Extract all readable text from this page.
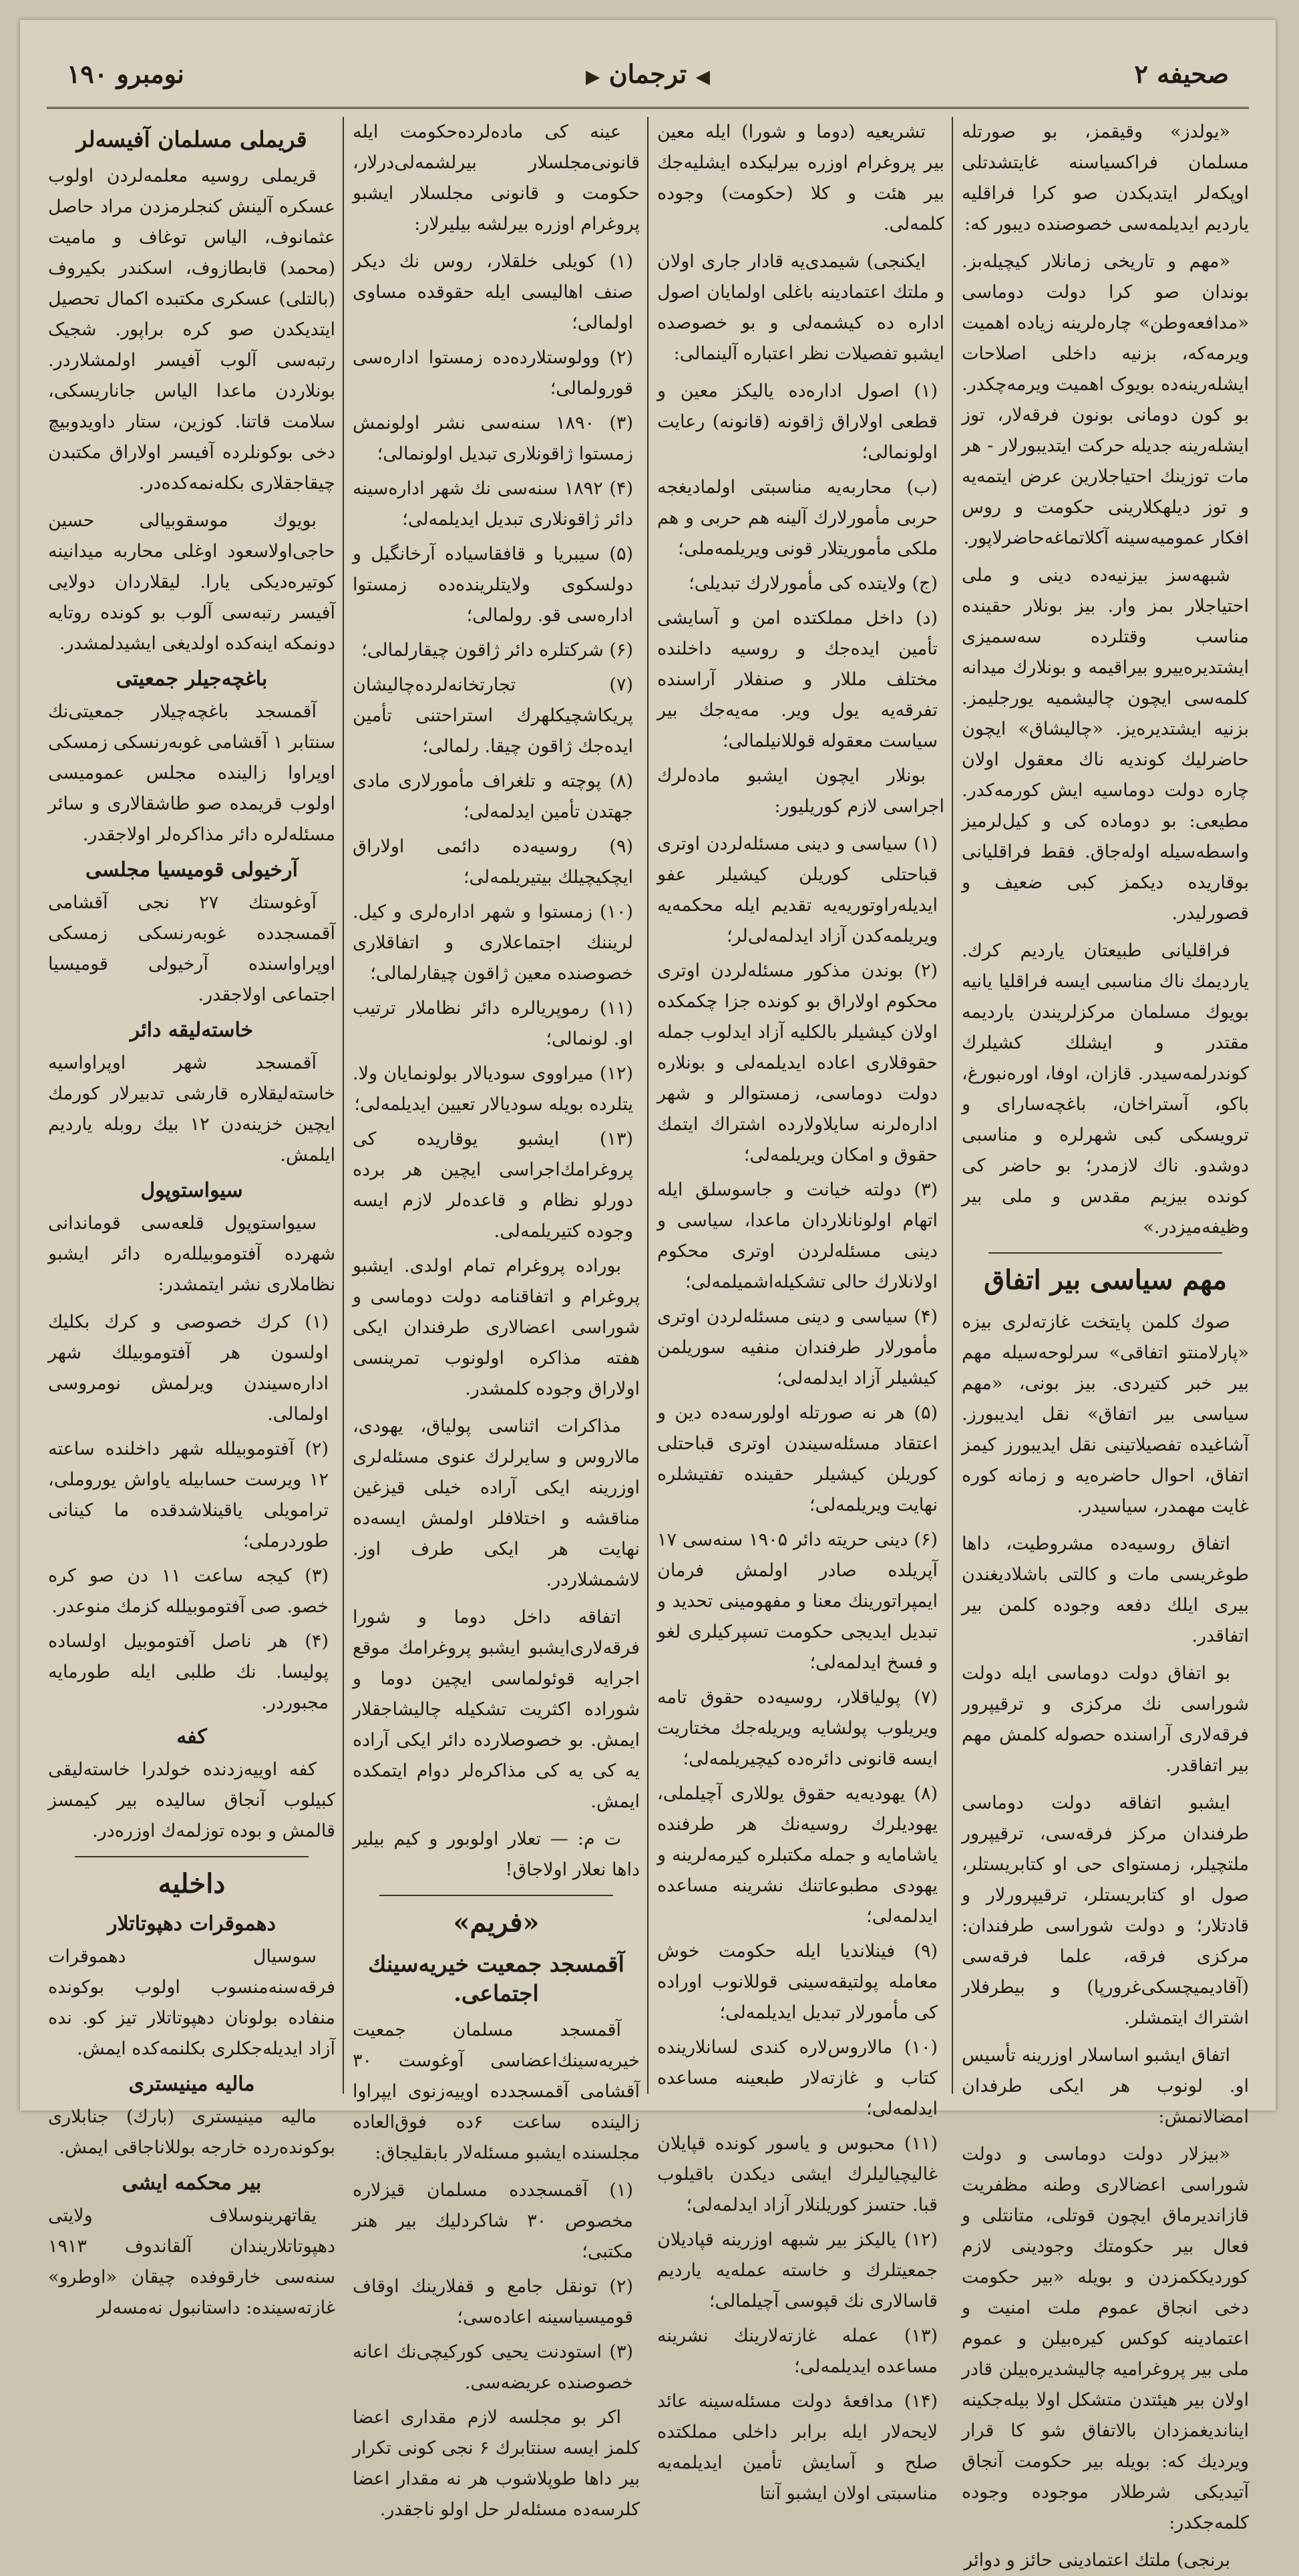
صحیفه ۲
◀ ترجمان ▶
نومبرو ۱۹۰

«یولدز» وقیقمز، بو صورتله مسلمان فراکسیاسنه غایتشدتلی اوپکه‌لر ایتدیکدن صو کرا فراقلیه یاردیم ایدیلمه‌سی خصوصنده دیبور که:

«مهم و تاریخی زمانلار کیچیله‌بز. بوندان صو کرا دولت دوماسی «مدافعه‌وطن» چاره‌لرینه زیاده اهمیت ویرمه‌که، بزنیه داخلی اصلاحات ایشله‌رینه‌ده بویوک اهمیت ویرمه‌چکدر. بو کون دومانی بونون فرقه‌لار، توز ایشله‌رینه جدیله حرکت ایتدیبورلار - هر مات توزینك احتیاجلارین عرض ایتمه‌یه و توز دیلهکلارینی حکومت و روس افکار عمومیه‌سینه آکلاتماغه‌حاضرلاپور.

شبهه‌سز بیزنیه‌ده دینی و ملی احتیاجلار بمز وار. بیز بونلار حقینده مناسب وقتلرده سه‌سمیزی ایشتدیره‌ییرو بیراقیمه و بونلارك میدانه کلمه‌سی ایچون چالیشمیه یورجلیمز. بزنیه ایشتدیره‌یز. «چالیشاق» ایچون حاضرلیك کوندیه ناك معقول اولان چاره دولت دوماسیه ایش کورمه‌کدر. مطیعی: بو دوماده کی و کیل‌لرمیز واسطه‌سیله اوله‌جاق. فقط فراقلیانی بوقاریده دیکمز کبی ضعیف و قصورلیدر.

فراقلیانی طبیعتان یاردیم کرك. یاردیمك ناك مناسبی ایسه فراقلیا یانیه بویوك مسلمان مرکزلریندن یاردیمه مقتدر و ایشلك کشیلرك کوندرلمه‌سیدر. قازان، اوفا، اوره‌نبورغ، باکو، آستراخان، باغچه‌سارای و ترویسکی کبی شهرلره و مناسبی دوشدو. ناك لازمدر؛ بو حاضر کی کونده بیزیم مقدس و ملی بیر وظیفه‌میزدر.»

مهم سیاسی بیر اتفاق

صوك کلمن پایتخت غازته‌لری بیزه «پارلامنتو اتفاقی» سرلوحه‌سیله مهم بیر خبر کتیردی. بیز بونی، «مهم سیاسی بیر اتفاق» نقل ایدیبورز. آشاغیده تفصیلاتینی نقل ایدیبورز کیمز اتفاق، احوال حاضره‌یه و زمانه کوره غایت مهمدر، سیاسیدر.

اتفاق روسیه‌ده مشروطیت، داها طوغریسی مات و کالتی باشلادیغندن بیری ایلك دفعه وجوده کلمن بیر اتفاقدر.

بو اتفاق دولت دوماسی ایله دولت شوراسی نك مرکزی و ترقیپرور فرقه‌لاری آراسنده حصوله کلمش مهم بیر اتفاقدر.

ایشبو اتفاقه دولت دوماسی طرفندان مرکز فرقه‌سی، ترقیپرور ملتچیلر، زمستوای حی او کتابریستلر، صول او کتابریستلر، ترقیپرورلار و قادتلار؛ و دولت شوراسی طرفندان: مرکزی فرقه، علما فرقه‌سی (آقادیمیچسکی‌غرورپا) و بیطرفلار اشتراك ایتمشلر.

اتفاق ایشبو اساسلار اوزرینه تأسیس او. لونوب هر ایکی طرفدان امضالانمش:

«بیزلار دولت دوماسی و دولت شوراسی اعضالاری وطنه مظفریت قازاندیرماق ایچون قوتلی، متانتلی و فعال بیر حکومتك وجودینی لازم کوردیککمزدن و بویله «بیر حکومت دخی انجاق عموم ملت امنیت و اعتمادینه کوکس کیره‌بیلن و عموم ملی بیر پروغرامیه چالیشد‌یره‌بیلن قادر اولان بیر هیئتدن متشکل اولا بیله‌جکینه ایناندیغمزدان بالاتفاق شو کا قرار ویردیك که: بویله بیر حکومت آنجاق آتیدیکی شرطلار موجوده وجوده کلمه‌جکدر:

برنجی) ملتك اعتمادینی حائز و دوائر

تشریعیه (دوما و شورا) ایله معین بیر پروغرام اوزره بیرلیکده ایشلیه‌جك بیر هئت و کلا (حکومت) وجوده کلمه‌لی.

ایکنجی) شیمدی‌یه قادار جاری اولان و ملتك اعتمادینه باغلی اولمایان اصول اداره ده کیشمه‌لی و بو خصوصده ایشبو تفصیلات نظر اعتباره آلینمالی:

(۱) اصول اداره‌ده یالیکز معین و قطعی اولاراق ژاقونه (قانونه) رعایت اولونمالی؛

(ب) محاربه‌یه مناسبتی اولمادیغجه حربی مأمورلارك آلینه هم حربی و هم ملکی مأموریتلار قونی ویریلمه‌ملی؛

(ج) ولایتده کی مأمورلارك تبدیلی؛

(د) داخل مملکتده امن و آسایشی تأمین ایده‌جك و روسیه داخلنده مختلف مللار و صنفلار آراسنده تفرقه‌یه یول ویر. مه‌یه‌جك بیر سیاست معقوله قوللانیلمالی؛

بونلار ایچون ایشبو ماده‌لرك اجراسی لازم کوریلیور:

(۱) سیاسی و دینی مسئله‌لردن اوتری قباحتلی کوریلن کیشیلر عفو ایدیله‌راوتوریه‌یه تقدیم ایله محکمه‌یه ویریلمه‌کدن آزاد ایدلمه‌لی‌لر؛

(۲) بوندن مذکور مسئله‌لردن اوتری محکوم اولاراق بو کونده جزا چکمکده اولان کیشیلر بالکلیه آزاد ایدلوب جمله حقوقلاری اعاده ایدیلمه‌لی و بونلاره دولت دوماسی، زمستوالر و شهر اداره‌لرنه سایلاولارده اشتراك ایتمك حقوق و امکان ویریلمه‌لی؛

(۳) دولته خیانت و جاسوسلق ایله اتهام اولونانلاردان ماعدا، سیاسی و دینی مسئله‌لردن اوتری محکوم اولانلارك حالی تشکیله‌اشمیلمه‌لی؛

(۴) سیاسی و دینی مسئله‌لردن اوتری مأمورلار طرفندان منفیه سوریلمن کیشیلر آزاد ایدلمه‌لی؛

(۵) هر نه صورتله اولورسه‌ده دین و اعتقاد مسئله‌سیندن اوتری قباحتلی کوریلن کیشیلر حقینده تفتیشلره نهایت ویریلمه‌لی؛

(۶) دینی حریته دائر ۱۹۰۵ سنه‌سی ۱۷ آپریلده صادر اولمش فرمان ایمپراتورینك معنا و مفهومینی تحدید و تبدیل ایدیجی حکومت تسپرکیلری لغو و فسخ ایدلمه‌لی؛

(۷) پولیاقلار، روسیه‌ده حقوق تامه ویریلوب پولشایه ویریله‌جك مختاریت ایسه قانونی دائره‌ده کیچیریلمه‌لی؛

(۸) یهودیه‌یه حقوق یوللاری آچیلملی، یهودیلرك روسیه‌نك هر طرفنده یاشامایه و جمله مکتبلره کیرمه‌لرینه و یهودی مطبوعاتنك نشرینه مساعده ایدلمه‌لی؛

(۹) فینلاندیا ایله حکومت خوش معامله پولتیقه‌سینی قوللانوب اوراده کی مأمورلار تبدیل ایدیلمه‌لی؛

(۱۰) مالاروس‌لاره کندی لسانلارینده کتاب و غازته‌لار طبعینه مساعده ایدلمه‌لی؛

(۱۱) محبوس و یاسور کونده قپایلان غالیچیالیلرك ایشی دیکدن باقیلوب قبا. حتسز کوریلنلار آزاد ایدلمه‌لی؛

(۱۲) یالیکز بیر شبهه اوزرینه قپادیلان جمعیتلرك و خاسته عمله‌یه یاردیم قاسالاری نك قپوسی آچیلمالی؛

(۱۳) عمله غازته‌لارینك نشرینه مساعده ایدیلمه‌لی؛

(۱۴) مدافعهٔ دولت مسئله‌سینه عائد لایحه‌لار ایله برابر داخلی مملکتده صلح و آسایش تأمین ایدیلمه‌یه مناسبتی اولان ایشبو آنتا

عینه کی ماده‌لرده‌حکومت ایله قانونی‌مجلسلار بیرلشمه‌لی‌درلار، حکومت و قانونی مجلسلار ایشبو پروغرام اوزره بیرلشه بیلیرلار:

(۱) کویلی خلقلار، روس نك دیکر صنف اهالیسی ایله حقوقده مساوی اولمالی؛

(۲) وولوستلارده‌ده زمستوا اداره‌سی قورولمالی؛

(۳) ۱۸۹۰ سنه‌سی نشر اولونمش زمستوا ژاقونلاری تبدیل اولونمالی؛

(۴) ۱۸۹۲ سنه‌سی نك شهر اداره‌سینه دائر ژاقونلاری تبدیل ایدیلمه‌لی؛

(۵) سیبریا و قافقاسیاده آرخانگیل و دولسکوی ولایتلرینده‌ده زمستوا اداره‌سی قو. رولمالی؛

(۶) شرکتلره دائر ژاقون چیقارلمالی؛

(۷) تجارتخانه‌لرده‌چالیشان پریکاشچیکلهرك استراحتنی تأمین ایده‌جك ژاقون چیقا. رلمالی؛

(۸) پوچته و تلغراف مأمورلاری مادی جهتدن تأمین ایدلمه‌لی؛

(۹) روسیه‌ده دائمی اولاراق ایچکیچیلك بیتیریلمه‌لی؛

(۱۰) زمستوا و شهر اداره‌لری و کیل. لریننك اجتماعلاری و اتفاقلاری خصوصنده معین ژاقون چیقارلمالی؛

(۱۱) رموپریالره دائر نظاملار ترتیب او. لونمالی؛

(۱۲) میراووی سودیالار بولونمایان ولا. یتلرده بویله سودیالار تعیین ایدیلمه‌لی؛

(۱۳) ایشبو یوقاریده کی پروغرامك‌اجراسی ایچین هر برده دورلو نظام و قاعده‌لر لازم ایسه وجوده کتیریلمه‌لی.

بوراده پروغرام تمام اولدی. ایشبو پروغرام و اتفاقنامه دولت دوماسی و شوراسی اعضالاری طرفندان ایکی هفته مذاکره اولونوب تمرینسی اولاراق وجوده کلمشدر.

مذاکرات اثناسی پولیاق، یهودی، مالاروس و سایرلرك عنوی مسئله‌لری اوزرینه ایکی آراده خیلی قیزغین مناقشه و اختلافلر اولمش ایسه‌ده نهایت هر ایکی طرف اوز. لاشمشلاردر.

اتفاقه داخل دوما و شورا فرقه‌لاری‌ایشبو ایشبو پروغرامك موقع اجرایه قوئولماسی ایچین دوما و شوراده اکثریت تشکیله چالیشاجقلار ایمش. بو خصوصلارده دائر ایکی آراده یه کی یه کی مذاکره‌لر دوام ایتمکده ایمش.

ت م: — تعلار اولوبور و کیم بیلیر داها نعلار اولاجاق!

«فریم»
آقمسجد جمعیت خیریه‌سینك اجتماعی.

آقمسجد مسلمان جمعیت خیریه‌سینك‌اعضاسی آوغوست ۳۰ آقشامی آقمسجدده اوییه‌زنوی ایپراوا زالینده ساعت ۶ده فوق‌العاده مجلسنده ایشبو مسئله‌لار بابقلیجاق:

(۱) آقمسجدده مسلمان قیزلاره مخصوص ۳۰ شاکردلیك بیر هنر مکتبی؛

(۲) تونقل جامع و قفلارینك اوقاف قومیسیاسینه اعاده‌سی؛

(۳) استودنت یحیی کورکیچی‌نك اعانه خصوصنده عریضه‌سی.

اکر بو مجلسه لازم مقداری اعضا کلمز ایسه سنتابرك ۶ نجی کونی تکرار بیر داها طوپلاشوب هر نه مقدار اعضا کلرسه‌ده مسئله‌لر حل اولو ناجقدر.

قریملی مسلمان آفیسه‌لر

قریملی روسیه معلمه‌لردن اولوب عسکره آلینش کنجلرمزدن مراد حاصل عثمانوف، الیاس توغاف و مامیت (محمد) قابطازوف، اسکندر بکیروف (بالتلی) عسکری مکتبده اکمال تحصیل ایتدیکدن صو کره براپور. شجیک رتبه‌سی آلوب آفیسر اولمشلاردر. بونلاردن ماعدا الیاس جاناریسکی، سلامت قاتنا. کوزین، ستار داویدوبیچ دخی بوکونلرده آفیسر اولاراق مکتبدن چیقاجقلاری بکله‌نمه‌کده‌در.

بویوك موسقوبیالی حسین حاجی‌اولاسعود اوغلی محاربه میدانینه کوتیره‌دیکی یارا. لیقلاردان دولایی آفیسر رتبه‌سی آلوب بو کونده روتایه دونمکه اینه‌کده اولدیغی ایشیدلمشدر.

باغچه‌جیلر جمعیتی

آقمسجد باغچه‌چیلار جمعیتی‌نك سنتابر ۱ آقشامی غوبه‌رنسکی زمسکی اوپراوا زالینده مجلس عمومیسی اولوب قریمده صو طاشقالاری و سائر مسئله‌لره دائر مذاکره‌لر اولاجقدر.

آرخیولی قومیسیا مجلسی

آوغوستك ۲۷ نجی آقشامی آقمسجدده غوبه‌رنسکی زمسکی اوپراواسنده آرخیولی قومیسیا اجتماعی اولاجقدر.

خاسته‌لیقه دائر

آقمسجد شهر اوپراواسیه خاسته‌لیقلاره قارشی تدبیرلار کورمك ایچین خزینه‌دن ۱۲ بیك روبله یاردیم ایلمش.

سیواستوپول

سیواستوپول قلعه‌سی قوماندانی شهرده آفتوموبیلله‌ره دائر ایشبو نظاملاری نشر ایتمشدر:

(۱) کرك خصوصی و کرك بکلیك اولسون هر آفتوموبیلك شهر اداره‌سیندن ویرلمش نومروسی اولمالی.

(۲) آفتوموبیلله شهر داخلنده ساعته ۱۲ ویرست حسابیله یاواش یوروملی، ترامویلی یاقینلاشدقده ما کینانی طوردرملی؛

(۳) کیجه ساعت ۱۱ دن صو کره خصو. صی آفتوموبیلله کزمك منوعدر.

(۴) هر ناصل آفتوموبیل اولساده پولیسا. نك طلبی ایله طورمایه مجبوردر.

کفه

کفه اوییه‌زدنده خولدرا خاسته‌لیقی کبیلوب آنجاق سالیده بیر کیمسز قالمش و بوده توزلمه‌ك اوزره‌در.

داخلیه
دهموقرات دهپوتاتلار

سوسیال دهموقرات فرقه‌سنه‌منسوب اولوب بوکونده منفاده بولونان دهپوتاتلار تیز کو. نده آزاد ایدیله‌جکلری بکلنمه‌کده ایمش.

مالیه مینیستری

مالیه مینیستری (بارك) جنابلاری بوکونده‌رده خارجه بوللاناجاقی ایمش.

بیر محکمه ایشی

یقاتهرینوسلاف ولایتی دهپوتاتلاریندان آلقاندوف ۱۹۱۳ سنه‌سی خارقوفده چیقان «اوطرو» غازته‌سینده: داستانبول نه‌مسه‌لر
